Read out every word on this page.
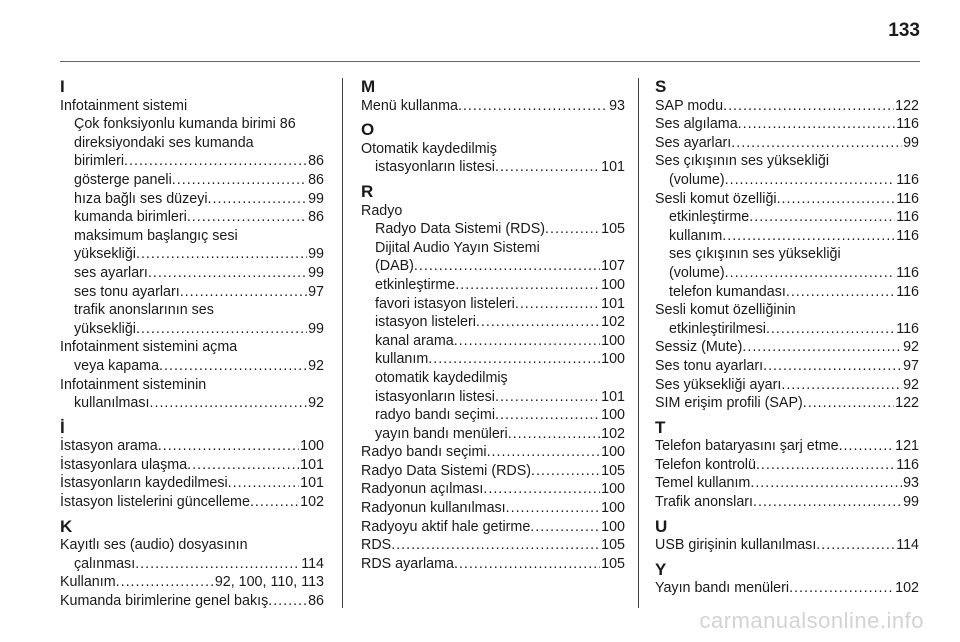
133
I
Infotainment sistemi
Çok fonksiyonlu kumanda birimi 86
direksiyondaki ses kumanda
birimleri .....	86
gösterge paneli .....	86
hıza bağlı ses düzeyi .....	99
kumanda birimleri .....	86
maksimum başlangıç sesi
yüksekliği .....	99
ses ayarları .....	99
ses tonu ayarları .....	97
trafik anonslarının ses
yüksekliği .....	99
Infotainment sistemini açma
veya kapama .....	92
Infotainment sisteminin
kullanılması .....	92
İ
İstasyon arama .....	100
İstasyonlara ulaşma .....	101
İstasyonların kaydedilmesi .....	101
İstasyon listelerini güncelleme .....	102
K
Kayıtlı ses (audio) dosyasının
çalınması .....	114
Kullanım .....	92, 100, 110, 113
Kumanda birimlerine genel bakış .....	86
M
Menü kullanma .....	93
O
Otomatik kaydedilmiş
istasyonların listesi .....	101
R
Radyo
Radyo Data Sistemi (RDS) .....	105
Dijital Audio Yayın Sistemi
(DAB) .....	107
etkinleştirme .....	100
favori istasyon listeleri .....	101
istasyon listeleri .....	102
kanal arama .....	100
kullanım .....	100
otomatik kaydedilmiş
istasyonların listesi .....	101
radyo bandı seçimi .....	100
yayın bandı menüleri .....	102
Radyo bandı seçimi .....	100
Radyo Data Sistemi (RDS) .....	105
Radyonun açılması .....	100
Radyonun kullanılması .....	100
Radyoyu aktif hale getirme .....	100
RDS .....	105
RDS ayarlama .....	105
S
SAP modu .....	122
Ses algılama .....	116
Ses ayarları .....	99
Ses çıkışının ses yüksekliği
(volume) .....	116
Sesli komut özelliği .....	116
etkinleştirme .....	116
kullanım .....	116
ses çıkışının ses yüksekliği
(volume) .....	116
telefon kumandası .....	116
Sesli komut özelliğinin
etkinleştirilmesi .....	116
Sessiz (Mute) .....	92
Ses tonu ayarları .....	97
Ses yüksekliği ayarı .....	92
SIM erişim profili (SAP) .....	122
T
Telefon bataryasını şarj etme .....	121
Telefon kontrolü .....	116
Temel kullanım .....	93
Trafik anonsları .....	99
U
USB girişinin kullanılması .....	114
Y
Yayın bandı menüleri .....	102
carmanualsonline.info
